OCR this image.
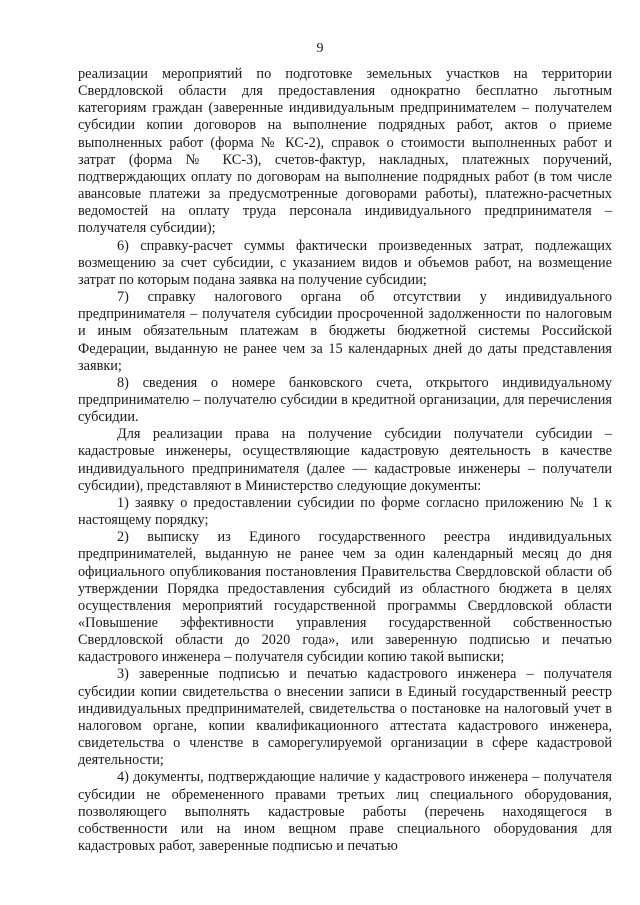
9

реализации мероприятий по подготовке земельных участков на территории Свердловской области для предоставления однократно бесплатно льготным категориям граждан (заверенные индивидуальным предпринимателем – получателем субсидии копии договоров на выполнение подрядных работ, актов о приеме выполненных работ (форма № КС-2), справок о стоимости выполненных работ и затрат (форма № КС-3), счетов-фактур, накладных, платежных поручений, подтверждающих оплату по договорам на выполнение подрядных работ (в том числе авансовые платежи за предусмотренные договорами работы), платежно-расчетных ведомостей на оплату труда персонала индивидуального предпринимателя – получателя субсидии);

6) справку-расчет суммы фактически произведенных затрат, подлежащих возмещению за счет субсидии, с указанием видов и объемов работ, на возмещение затрат по которым подана заявка на получение субсидии;

7) справку налогового органа об отсутствии у индивидуального предпринимателя – получателя субсидии просроченной задолженности по налоговым и иным обязательным платежам в бюджеты бюджетной системы Российской Федерации, выданную не ранее чем за 15 календарных дней до даты представления заявки;

8) сведения о номере банковского счета, открытого индивидуальному предпринимателю – получателю субсидии в кредитной организации, для перечисления субсидии.

Для реализации права на получение субсидии получатели субсидии – кадастровые инженеры, осуществляющие кадастровую деятельность в качестве индивидуального предпринимателя (далее — кадастровые инженеры – получатели субсидии), представляют в Министерство следующие документы:

1) заявку о предоставлении субсидии по форме согласно приложению № 1 к настоящему порядку;

2) выписку из Единого государственного реестра индивидуальных предпринимателей, выданную не ранее чем за один календарный месяц до дня официального опубликования постановления Правительства Свердловской области об утверждении Порядка предоставления субсидий из областного бюджета в целях осуществления мероприятий государственной программы Свердловской области «Повышение эффективности управления государственной собственностью Свердловской области до 2020 года», или заверенную подписью и печатью кадастрового инженера – получателя субсидии копию такой выписки;

3) заверенные подписью и печатью кадастрового инженера – получателя субсидии копии свидетельства о внесении записи в Единый государственный реестр индивидуальных предпринимателей, свидетельства о постановке на налоговый учет в налоговом органе, копии квалификационного аттестата кадастрового инженера, свидетельства о членстве в саморегулируемой организации в сфере кадастровой деятельности;

4) документы, подтверждающие наличие у кадастрового инженера – получателя субсидии не обремененного правами третьих лиц специального оборудования, позволяющего выполнять кадастровые работы (перечень находящегося в собственности или на ином вещном праве специального оборудования для кадастровых работ, заверенные подписью и печатью
